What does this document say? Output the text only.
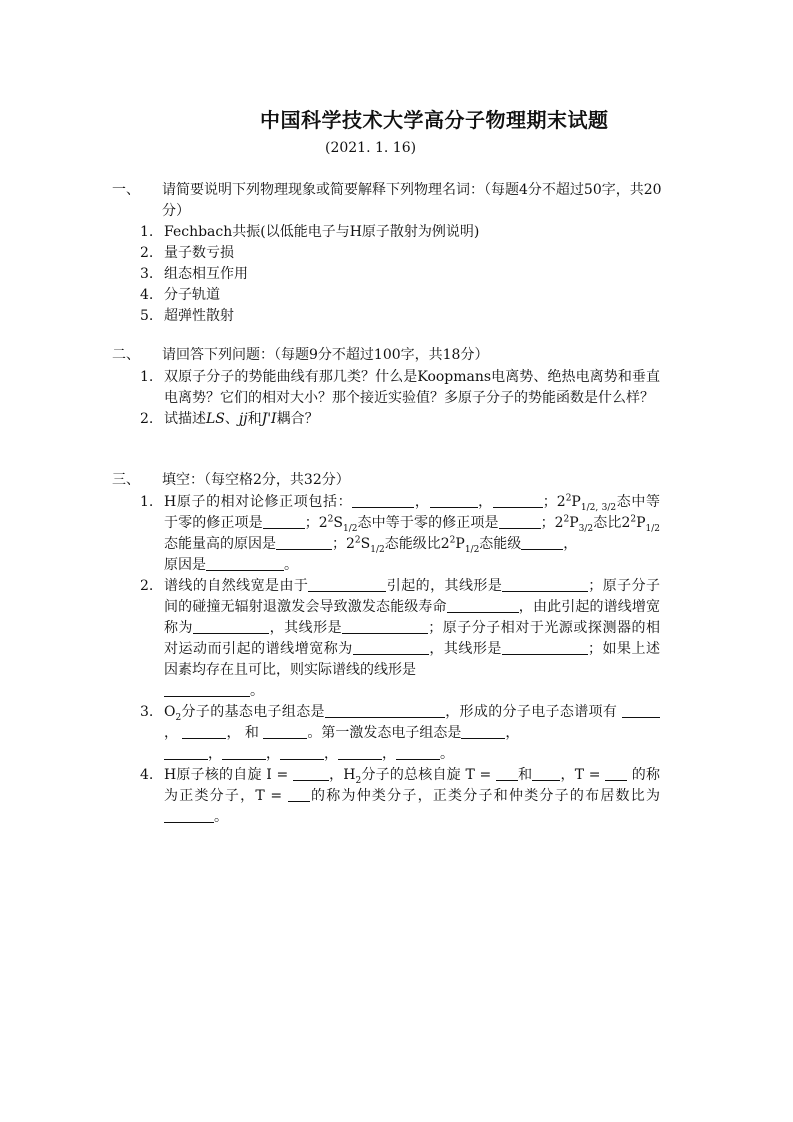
中国科学技术大学高分子物理期末试题
(2021. 1. 16)
一、	请简要说明下列物理现象或简要解释下列物理名词：（每题4分不超过50字，共20分）
1. Fechbach共振(以低能电子与H原子散射为例说明)
2. 量子数亏损
3. 组态相互作用
4. 分子轨道
5. 超弹性散射
二、	请回答下列问题：（每题9分不超过100字，共18分）
1. 双原子分子的势能曲线有那几类？什么是Koopmans电离势、绝热电离势和垂直电离势？它们的相对大小？那个接近实验值？多原子分子的势能函数是什么样？
2. 试描述LS、jj和J'I耦合？
三、	填空：（每空格2分，共32分）
1. H原子的相对论修正项包括：	，	，	；$2^2P_{1/2, 3/2}$态中等于零的修正项是	；$2^2S_{1/2}$态中等于零的修正项是	；$2^2P_{3/2}$态比$2^2P_{1/2}$态能量高的原因是	；$2^2S_{1/2}$态能级比$2^2P_{1/2}$态能级	，
原因是	。
2. 谱线的自然线宽是由于	引起的，其线形是	；原子分子间的碰撞无辐射退激发会导致激发态能级寿命	，由此引起的谱线增宽称为	，其线形是	；原子分子相对于光源或探测器的相对运动而引起的谱线增宽称为	，其线形是	；如果上述因素均存在且可比，则实际谱线的线形是
。
3. $O_2$分子的基态电子组态是	，形成的分子电子态谱项有 ，	， 和	。第一激发态电子组态是	，
，	，	，	，	。
4. H原子核的自旋 I =	，$H_2$分子的总核自旋 T = 和 ，T = 的称为正类分子，T = 的称为仲类分子，正类分子和仲类分子的布居数比为。
